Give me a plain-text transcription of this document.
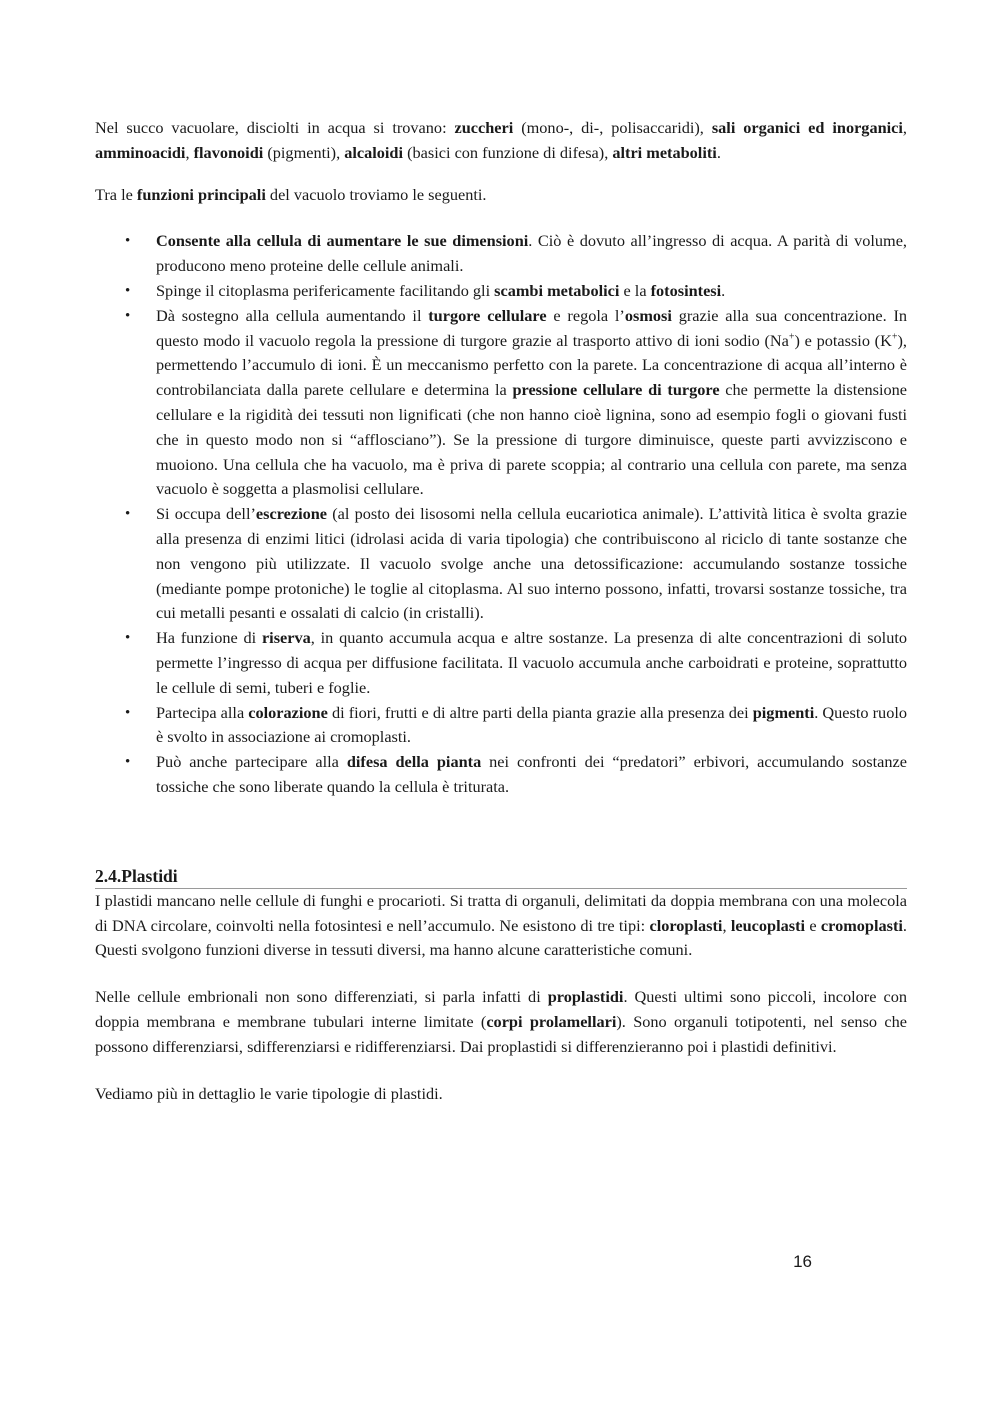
Nel succo vacuolare, disciolti in acqua si trovano: zuccheri (mono-, di-, polisaccaridi), sali organici ed inorganici, amminoacidi, flavonoidi (pigmenti), alcaloidi (basici con funzione di difesa), altri metaboliti.

Tra le funzioni principali del vacuolo troviamo le seguenti.

• Consente alla cellula di aumentare le sue dimensioni. Ciò è dovuto all’ingresso di acqua. A parità di volume, producono meno proteine delle cellule animali.
• Spinge il citoplasma perifericamente facilitando gli scambi metabolici e la fotosintesi.
• Dà sostegno alla cellula aumentando il turgore cellulare e regola l’osmosi grazie alla sua concentrazione. In questo modo il vacuolo regola la pressione di turgore grazie al trasporto attivo di ioni sodio (Na+) e potassio (K+), permettendo l’accumulo di ioni. È un meccanismo perfetto con la parete. La concentrazione di acqua all’interno è controbilanciata dalla parete cellulare e determina la pressione cellulare di turgore che permette la distensione cellulare e la rigidità dei tessuti non lignificati (che non hanno cioè lignina, sono ad esempio fogli o giovani fusti che in questo modo non si “afflosciano”). Se la pressione di turgore diminuisce, queste parti avvizziscono e muoiono. Una cellula che ha vacuolo, ma è priva di parete scoppia; al contrario una cellula con parete, ma senza vacuolo è soggetta a plasmolisi cellulare.
• Si occupa dell’escrezione (al posto dei lisosomi nella cellula eucariotica animale). L’attività litica è svolta grazie alla presenza di enzimi litici (idrolasi acida di varia tipologia) che contribuiscono al riciclo di tante sostanze che non vengono più utilizzate. Il vacuolo svolge anche una detossificazione: accumulando sostanze tossiche (mediante pompe protoniche) le toglie al citoplasma. Al suo interno possono, infatti, trovarsi sostanze tossiche, tra cui metalli pesanti e ossalati di calcio (in cristalli).
• Ha funzione di riserva, in quanto accumula acqua e altre sostanze. La presenza di alte concentrazioni di soluto permette l’ingresso di acqua per diffusione facilitata. Il vacuolo accumula anche carboidrati e proteine, soprattutto le cellule di semi, tuberi e foglie.
• Partecipa alla colorazione di fiori, frutti e di altre parti della pianta grazie alla presenza dei pigmenti. Questo ruolo è svolto in associazione ai cromoplasti.
• Può anche partecipare alla difesa della pianta nei confronti dei “predatori” erbivori, accumulando sostanze tossiche che sono liberate quando la cellula è triturata.
2.4.Plastidi

I plastidi mancano nelle cellule di funghi e procarioti. Si tratta di organuli, delimitati da doppia membrana con una molecola di DNA circolare, coinvolti nella fotosintesi e nell’accumulo. Ne esistono di tre tipi: cloroplasti, leucoplasti e cromoplasti. Questi svolgono funzioni diverse in tessuti diversi, ma hanno alcune caratteristiche comuni.

Nelle cellule embrionali non sono differenziati, si parla infatti di proplastidi. Questi ultimi sono piccoli, incolore con doppia membrana e membrane tubulari interne limitate (corpi prolamellari). Sono organuli totipotenti, nel senso che possono differenziarsi, sdifferenziarsi e ridifferenziarsi. Dai proplastidi si differenzieranno poi i plastidi definitivi.

Vediamo più in dettaglio le varie tipologie di plastidi.

16
